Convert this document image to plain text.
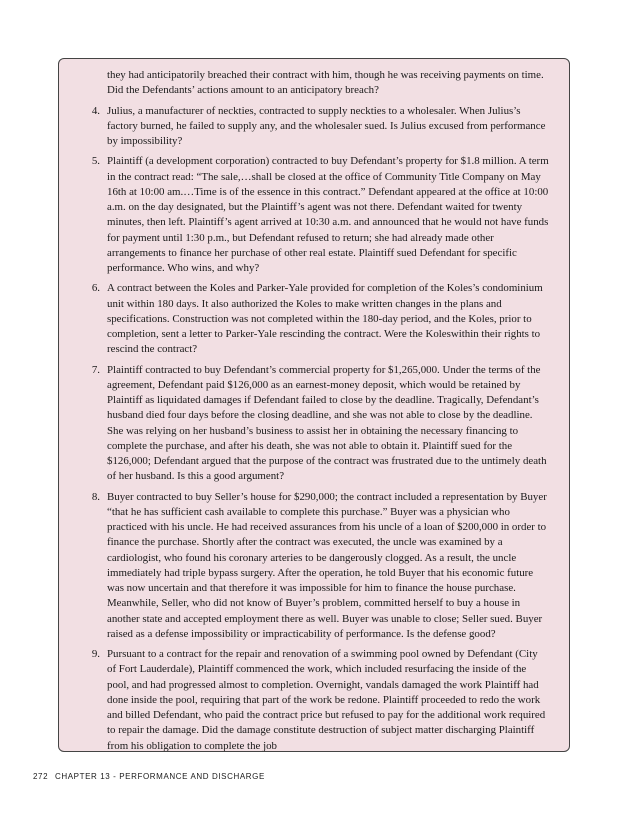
they had anticipatorily breached their contract with him, though he was receiving payments on time. Did the Defendants’ actions amount to an anticipatory breach?

4. Julius, a manufacturer of neckties, contracted to supply neckties to a wholesaler. When Julius’s factory burned, he failed to supply any, and the wholesaler sued. Is Julius excused from performance by impossibility?
5. Plaintiff (a development corporation) contracted to buy Defendant’s property for $1.8 million. A term in the contract read: “The sale,…shall be closed at the office of Community Title Company on May 16th at 10:00 am.…Time is of the essence in this contract.” Defendant appeared at the office at 10:00 a.m. on the day designated, but the Plaintiff’s agent was not there. Defendant waited for twenty minutes, then left. Plaintiff’s agent arrived at 10:30 a.m. and announced that he would not have funds for payment until 1:30 p.m., but Defendant refused to return; she had already made other arrangements to finance her purchase of other real estate. Plaintiff sued Defendant for specific performance. Who wins, and why?
6. A contract between the Koles and Parker-Yale provided for completion of the Koles’s condominium unit within 180 days. It also authorized the Koles to make written changes in the plans and specifications. Construction was not completed within the 180-day period, and the Koles, prior to completion, sent a letter to Parker-Yale rescinding the contract. Were the Koleswithin their rights to rescind the contract?
7. Plaintiff contracted to buy Defendant’s commercial property for $1,265,000. Under the terms of the agreement, Defendant paid $126,000 as an earnest-money deposit, which would be retained by Plaintiff as liquidated damages if Defendant failed to close by the deadline. Tragically, Defendant’s husband died four days before the closing deadline, and she was not able to close by the deadline. She was relying on her husband’s business to assist her in obtaining the necessary financing to complete the purchase, and after his death, she was not able to obtain it. Plaintiff sued for the $126,000; Defendant argued that the purpose of the contract was frustrated due to the untimely death of her husband. Is this a good argument?
8. Buyer contracted to buy Seller’s house for $290,000; the contract included a representation by Buyer “that he has sufficient cash available to complete this purchase.” Buyer was a physician who practiced with his uncle. He had received assurances from his uncle of a loan of $200,000 in order to finance the purchase. Shortly after the contract was executed, the uncle was examined by a cardiologist, who found his coronary arteries to be dangerously clogged. As a result, the uncle immediately had triple bypass surgery. After the operation, he told Buyer that his economic future was now uncertain and that therefore it was impossible for him to finance the house purchase. Meanwhile, Seller, who did not know of Buyer’s problem, committed herself to buy a house in another state and accepted employment there as well. Buyer was unable to close; Seller sued. Buyer raised as a defense impossibility or impracticability of performance. Is the defense good?
9. Pursuant to a contract for the repair and renovation of a swimming pool owned by Defendant (City of Fort Lauderdale), Plaintiff commenced the work, which included resurfacing the inside of the pool, and had progressed almost to completion. Overnight, vandals damaged the work Plaintiff had done inside the pool, requiring that part of the work be redone. Plaintiff proceeded to redo the work and billed Defendant, who paid the contract price but refused to pay for the additional work required to repair the damage. Did the damage constitute destruction of subject matter discharging Plaintiff from his obligation to complete the job
272 CHAPTER 13 - PERFORMANCE AND DISCHARGE
